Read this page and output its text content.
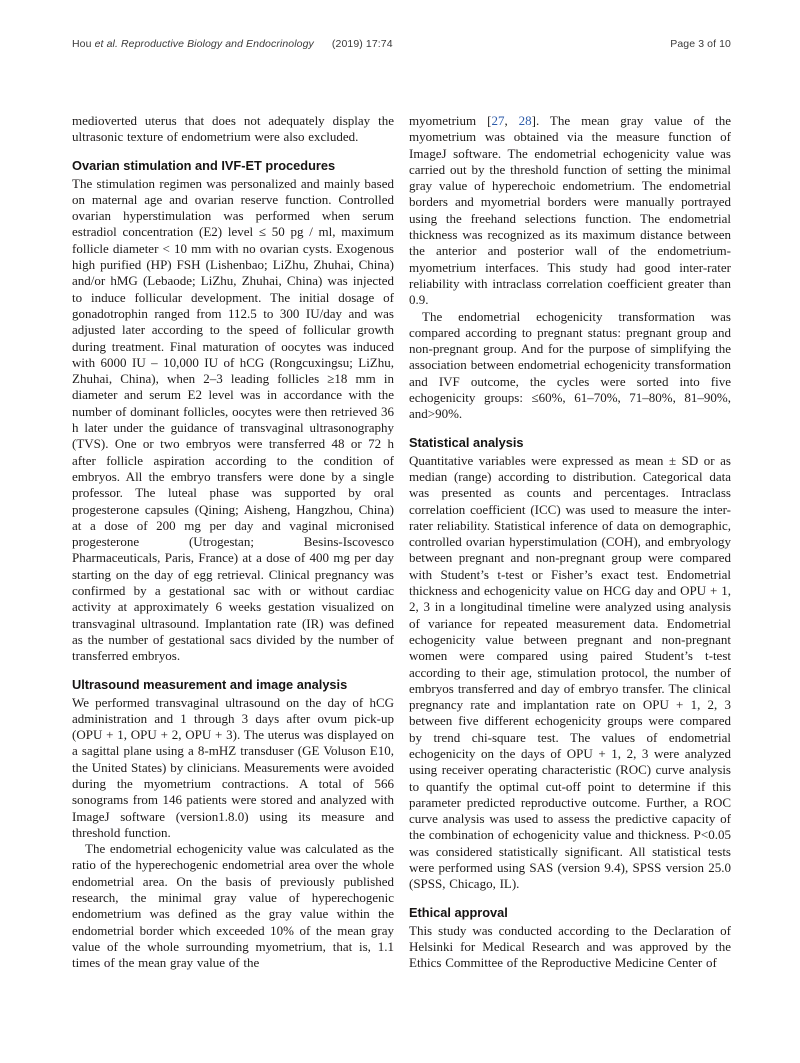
Hou et al. Reproductive Biology and Endocrinology (2019) 17:74	Page 3 of 10

medioverted uterus that does not adequately display the ultrasonic texture of endometrium were also excluded.

Ovarian stimulation and IVF-ET procedures

The stimulation regimen was personalized and mainly based on maternal age and ovarian reserve function. Controlled ovarian hyperstimulation was performed when serum estradiol concentration (E2) level ≤ 50 pg / ml, maximum follicle diameter < 10 mm with no ovarian cysts. Exogenous high purified (HP) FSH (Lishenbao; LiZhu, Zhuhai, China) and/or hMG (Lebaode; LiZhu, Zhuhai, China) was injected to induce follicular development. The initial dosage of gonadotrophin ranged from 112.5 to 300 IU/day and was adjusted later according to the speed of follicular growth during treatment. Final maturation of oocytes was induced with 6000 IU – 10,000 IU of hCG (Rongcuxingsu; LiZhu, Zhuhai, China), when 2–3 leading follicles ≥18 mm in diameter and serum E2 level was in accordance with the number of dominant follicles, oocytes were then retrieved 36 h later under the guidance of transvaginal ultrasonography (TVS). One or two embryos were transferred 48 or 72 h after follicle aspiration according to the condition of embryos. All the embryo transfers were done by a single professor. The luteal phase was supported by oral progesterone capsules (Qining; Aisheng, Hangzhou, China) at a dose of 200 mg per day and vaginal micronised progesterone (Utrogestan; Besins-Iscovesco Pharmaceuticals, Paris, France) at a dose of 400 mg per day starting on the day of egg retrieval. Clinical pregnancy was confirmed by a gestational sac with or without cardiac activity at approximately 6 weeks gestation visualized on transvaginal ultrasound. Implantation rate (IR) was defined as the number of gestational sacs divided by the number of transferred embryos.

Ultrasound measurement and image analysis

We performed transvaginal ultrasound on the day of hCG administration and 1 through 3 days after ovum pick-up (OPU + 1, OPU + 2, OPU + 3). The uterus was displayed on a sagittal plane using a 8-mHZ transduser (GE Voluson E10, the United States) by clinicians. Measurements were avoided during the myometrium contractions. A total of 566 sonograms from 146 patients were stored and analyzed with ImageJ software (version1.8.0) using its measure and threshold function.

The endometrial echogenicity value was calculated as the ratio of the hyperechogenic endometrial area over the whole endometrial area. On the basis of previously published research, the minimal gray value of hyperechogenic endometrium was defined as the gray value within the endometrial border which exceeded 10% of the mean gray value of the whole surrounding myometrium, that is, 1.1 times of the mean gray value of the

myometrium [27, 28]. The mean gray value of the myometrium was obtained via the measure function of ImageJ software. The endometrial echogenicity value was carried out by the threshold function of setting the minimal gray value of hyperechoic endometrium. The endometrial borders and myometrial borders were manually portrayed using the freehand selections function. The endometrial thickness was recognized as its maximum distance between the anterior and posterior wall of the endometrium-myometrium interfaces. This study had good inter-rater reliability with intraclass correlation coefficient greater than 0.9.

The endometrial echogenicity transformation was compared according to pregnant status: pregnant group and non-pregnant group. And for the purpose of simplifying the association between endometrial echogenicity transformation and IVF outcome, the cycles were sorted into five echogenicity groups: ≤60%, 61–70%, 71–80%, 81–90%, and>90%.

Statistical analysis

Quantitative variables were expressed as mean ± SD or as median (range) according to distribution. Categorical data was presented as counts and percentages. Intraclass correlation coefficient (ICC) was used to measure the inter-rater reliability. Statistical inference of data on demographic, controlled ovarian hyperstimulation (COH), and embryology between pregnant and non-pregnant group were compared with Student’s t-test or Fisher’s exact test. Endometrial thickness and echogenicity value on HCG day and OPU + 1, 2, 3 in a longitudinal timeline were analyzed using analysis of variance for repeated measurement data. Endometrial echogenicity value between pregnant and non-pregnant women were compared using paired Student’s t-test according to their age, stimulation protocol, the number of embryos transferred and day of embryo transfer. The clinical pregnancy rate and implantation rate on OPU + 1, 2, 3 between five different echogenicity groups were compared by trend chi-square test. The values of endometrial echogenicity on the days of OPU + 1, 2, 3 were analyzed using receiver operating characteristic (ROC) curve analysis to quantify the optimal cut-off point to determine if this parameter predicted reproductive outcome. Further, a ROC curve analysis was used to assess the predictive capacity of the combination of echogenicity value and thickness. P<0.05 was considered statistically significant. All statistical tests were performed using SAS (version 9.4), SPSS version 25.0 (SPSS, Chicago, IL).

Ethical approval

This study was conducted according to the Declaration of Helsinki for Medical Research and was approved by the Ethics Committee of the Reproductive Medicine Center of
